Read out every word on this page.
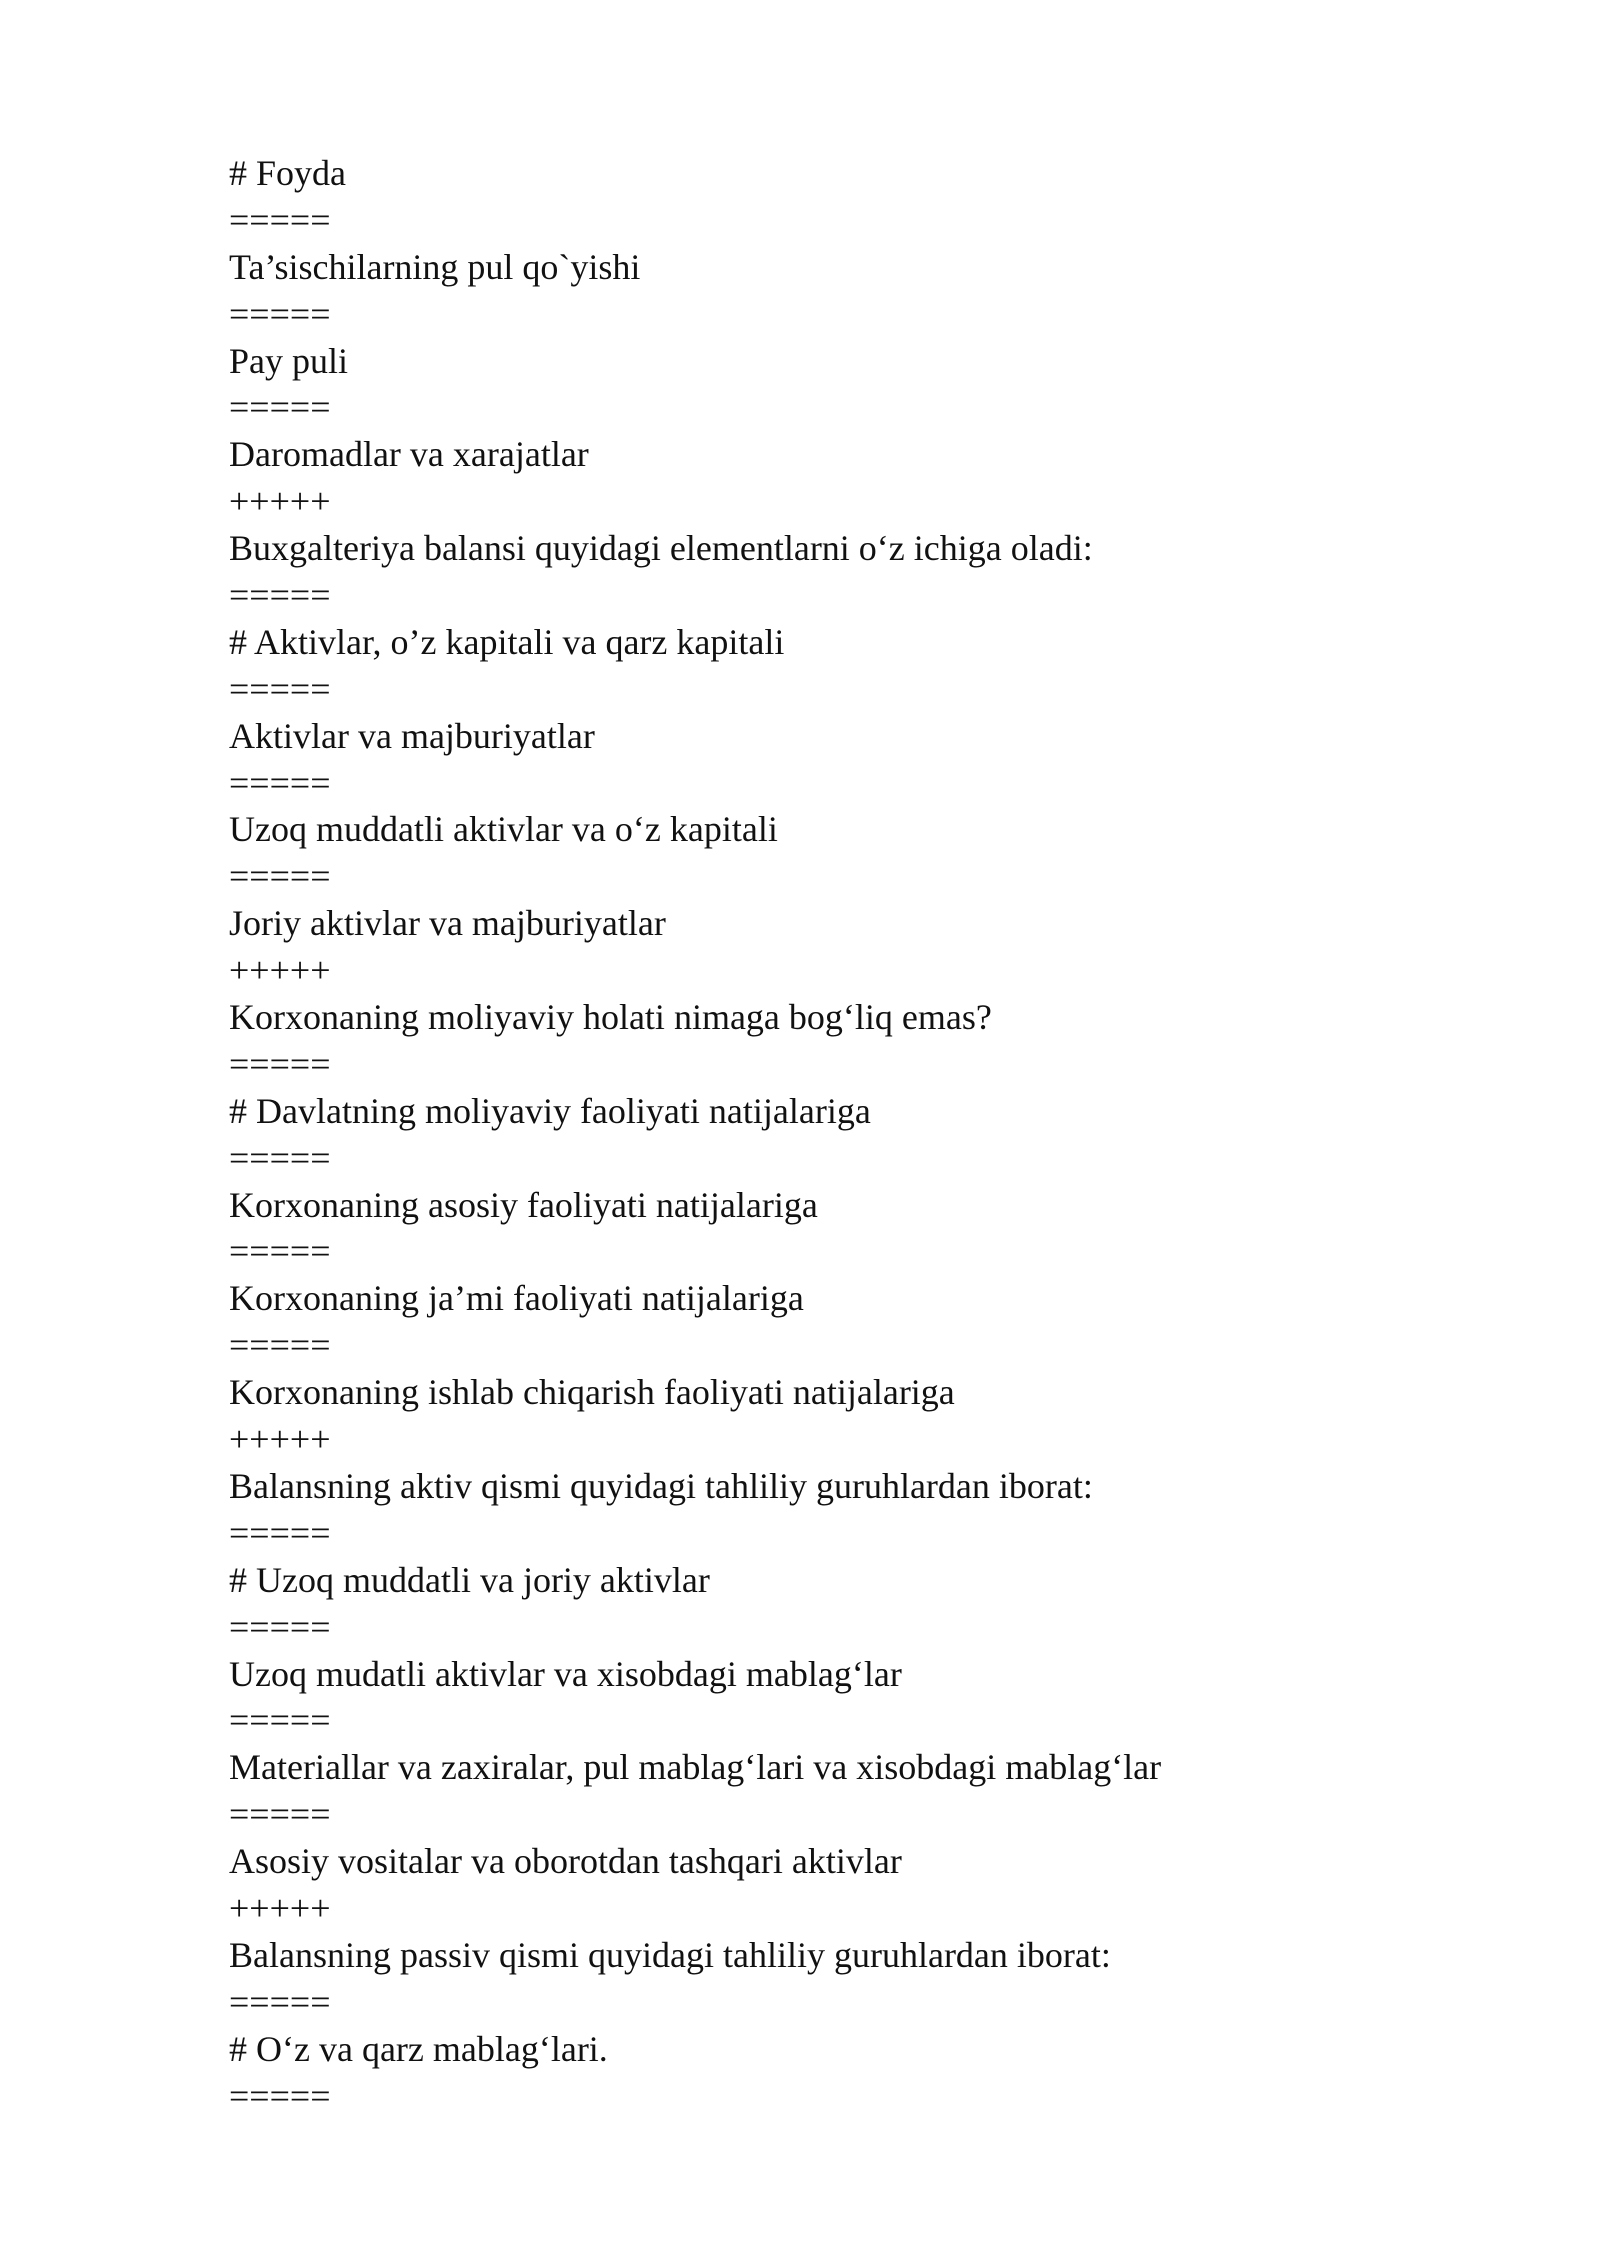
# Foyda

=====

Ta’sischilarning pul qo`yishi

=====

Pay puli

=====

Daromadlar va xarajatlar

+++++

Buxgalteriya balansi quyidagi elementlarni o‘z ichiga oladi:

=====

# Aktivlar, o’z kapitali va qarz kapitali

=====

Aktivlar va majburiyatlar

=====

Uzoq muddatli aktivlar va o‘z kapitali

=====

Joriy aktivlar va majburiyatlar

+++++

Korxonaning moliyaviy holati nimaga bog‘liq emas?

=====

# Davlatning moliyaviy faoliyati natijalariga

=====

Korxonaning asosiy faoliyati natijalariga

=====

Korxonaning ja’mi faoliyati natijalariga

=====

Korxonaning ishlab chiqarish faoliyati natijalariga

+++++

Balansning aktiv qismi quyidagi tahliliy guruhlardan iborat:

=====

# Uzoq muddatli va joriy aktivlar

=====

Uzoq mudatli aktivlar va xisobdagi mablag‘lar

=====

Materiallar va zaxiralar, pul mablag‘lari va xisobdagi mablag‘lar

=====

Asosiy vositalar va oborotdan tashqari aktivlar

+++++

Balansning passiv qismi quyidagi tahliliy guruhlardan iborat:

=====

# O‘z va qarz mablag‘lari.

=====
